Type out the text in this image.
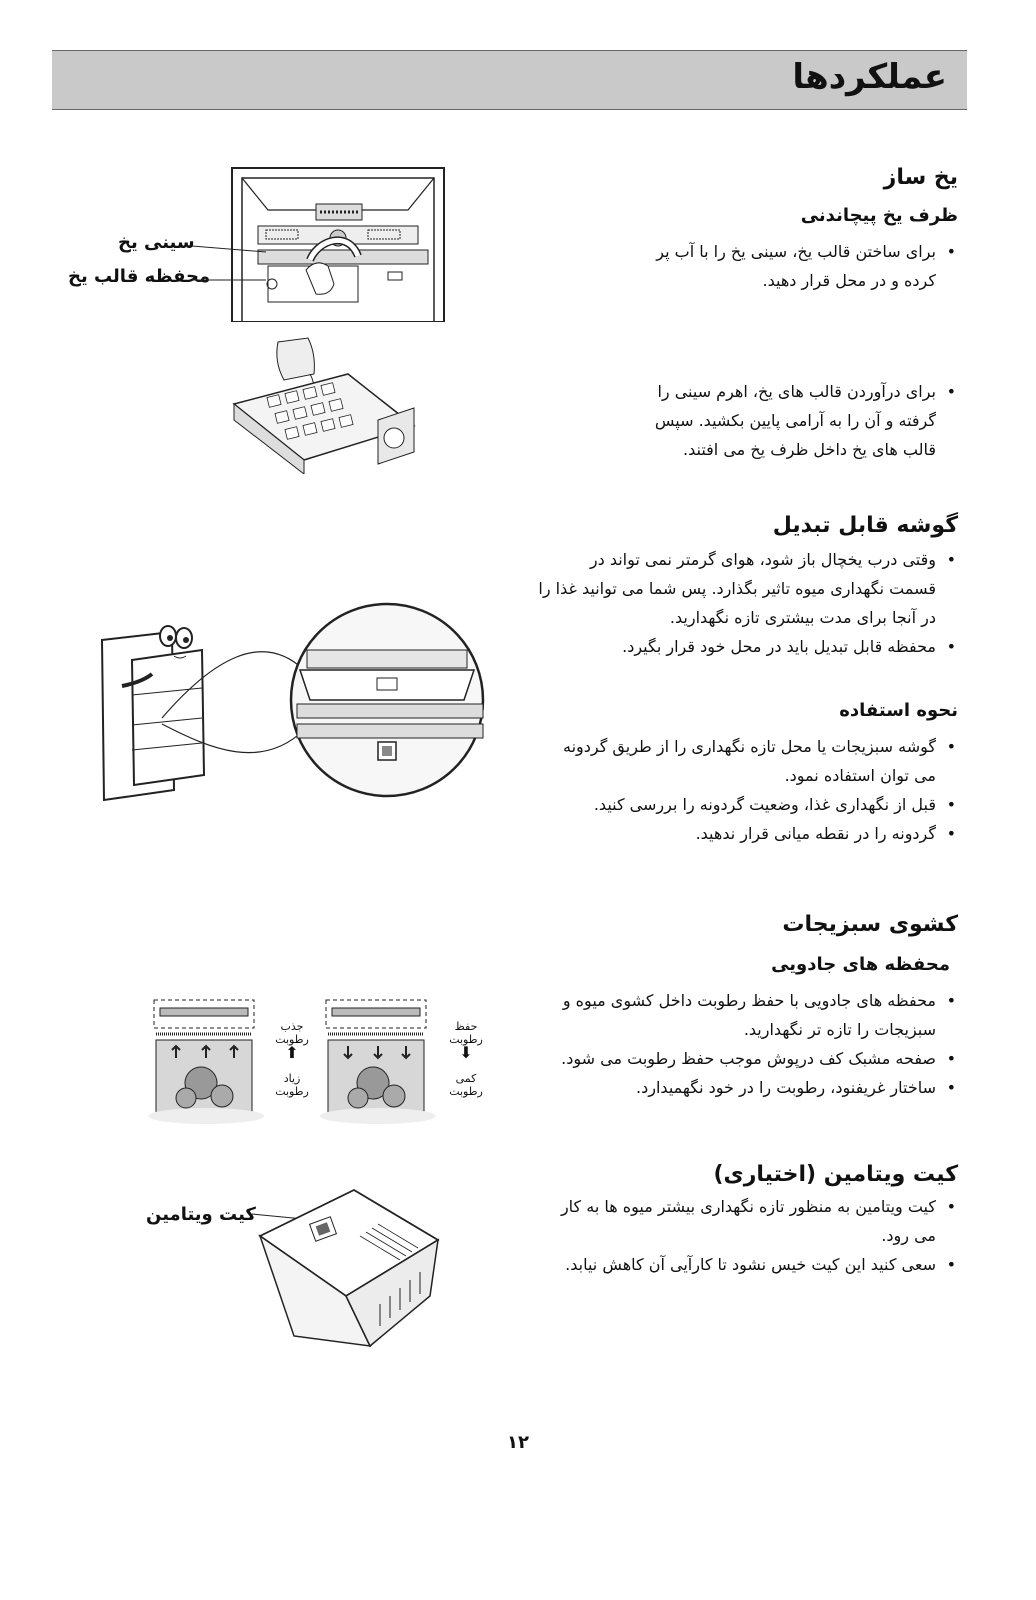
عملکردها
یخ ساز
ظرف یخ پیچاندنی
• برای ساختن قالب یخ، سینی یخ را با آب پر کرده و در محل قرار دهید.
• برای درآوردن قالب های یخ، اهرم سینی را گرفته و آن را به آرامی پایین بکشید. سپس قالب های یخ داخل ظرف یخ می افتند.
سینی یخ
محفظه قالب یخ
گوشه قابل تبدیل
• وقتی درب یخچال باز شود، هوای گرمتر نمی تواند در قسمت نگهداری میوه تاثیر بگذارد. پس شما می توانید غذا را در آنجا برای مدت بیشتری تازه نگهدارید.
• محفظه قابل تبدیل باید در محل خود قرار بگیرد.
نحوه استفاده
• گوشه سبزیجات یا محل تازه نگهداری را از طریق گردونه می توان استفاده نمود.
• قبل از نگهداری غذا، وضعیت گردونه را بررسی کنید.
• گردونه را در نقطه میانی قرار ندهید.
کشوی سبزیجات
محفظه های جادویی
• محفظه های جادویی با حفظ رطوبت داخل کشوی میوه و سبزیجات را تازه تر نگهدارید.
• صفحه مشبک کف درپوش موجب حفظ رطوبت می شود.
• ساختار غریفنود، رطوبت را در خود نگهمیدارد.
جذب رطوبت
⬆
زیاد رطوبت
حفظ رطوبت
⬇
کمی رطوبت
کیت ویتامین (اختیاری)
• کیت ویتامین به منظور تازه نگهداری بیشتر میوه ها به کار می رود.
• سعی کنید این کیت خیس نشود تا کارآیی آن کاهش نیابد.
کیت ویتامین
۱۲
